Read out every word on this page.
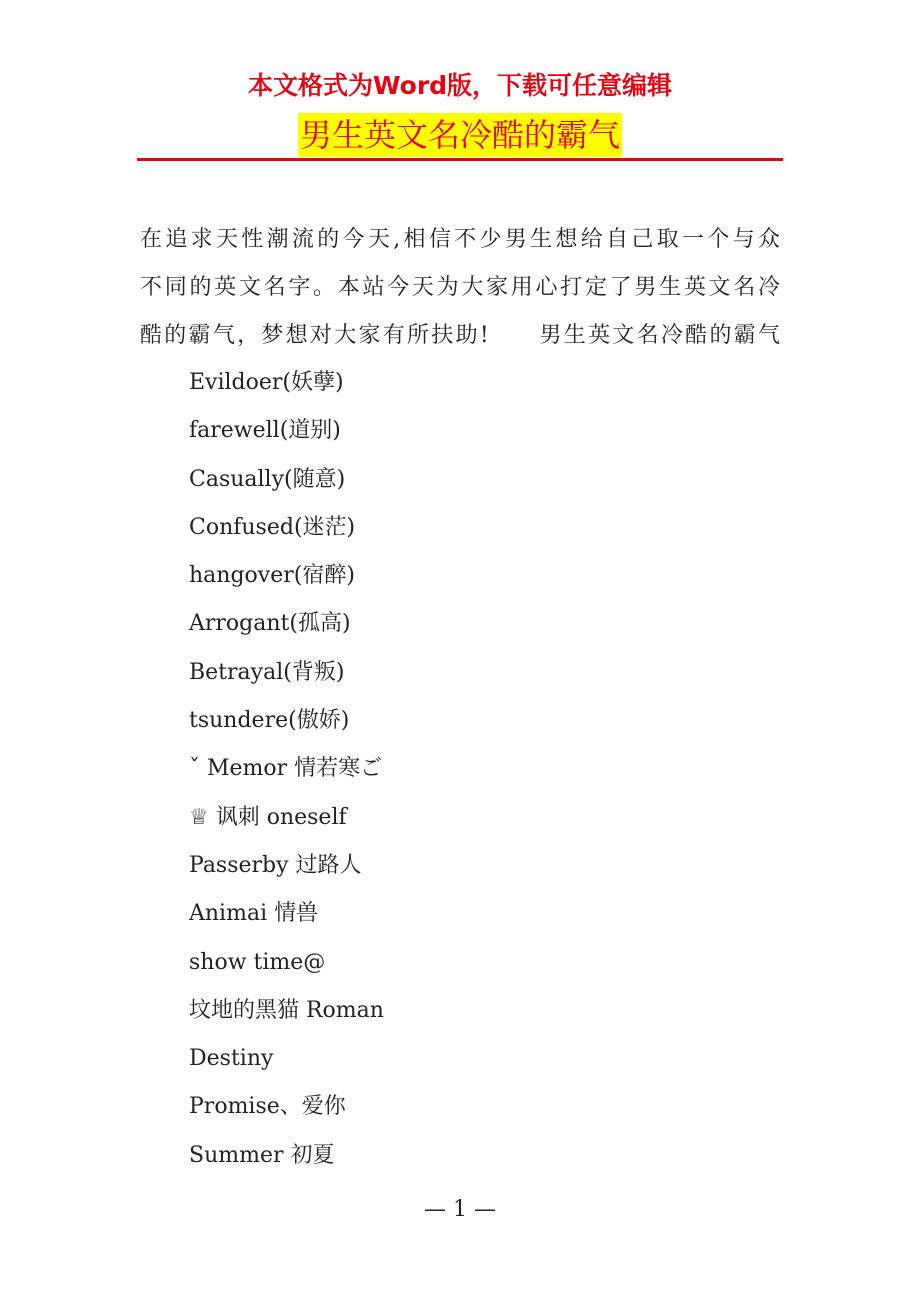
本文格式为Word版，下载可任意编辑
男生英文名冷酷的霸气
在追求天性潮流的今天,相信不少男生想给自己取一个与众
不同的英文名字。本站今天为大家用心打定了男生英文名冷
酷的霸气，梦想对大家有所扶助!　　男生英文名冷酷的霸气
Evildoer(妖孽)
farewell(道别)
Casually(随意)
Confused(迷茫)
hangover(宿醉)
Arrogant(孤高)
Betrayal(背叛)
tsundere(傲娇)
ˇ Memor 情若寒ご
♕ 讽刺 oneself
Passerby 过路人
Animai 情兽
show time@
坟地的黑猫 Roman
Destiny
Promise、爱你
Summer 初夏
— 1 —
